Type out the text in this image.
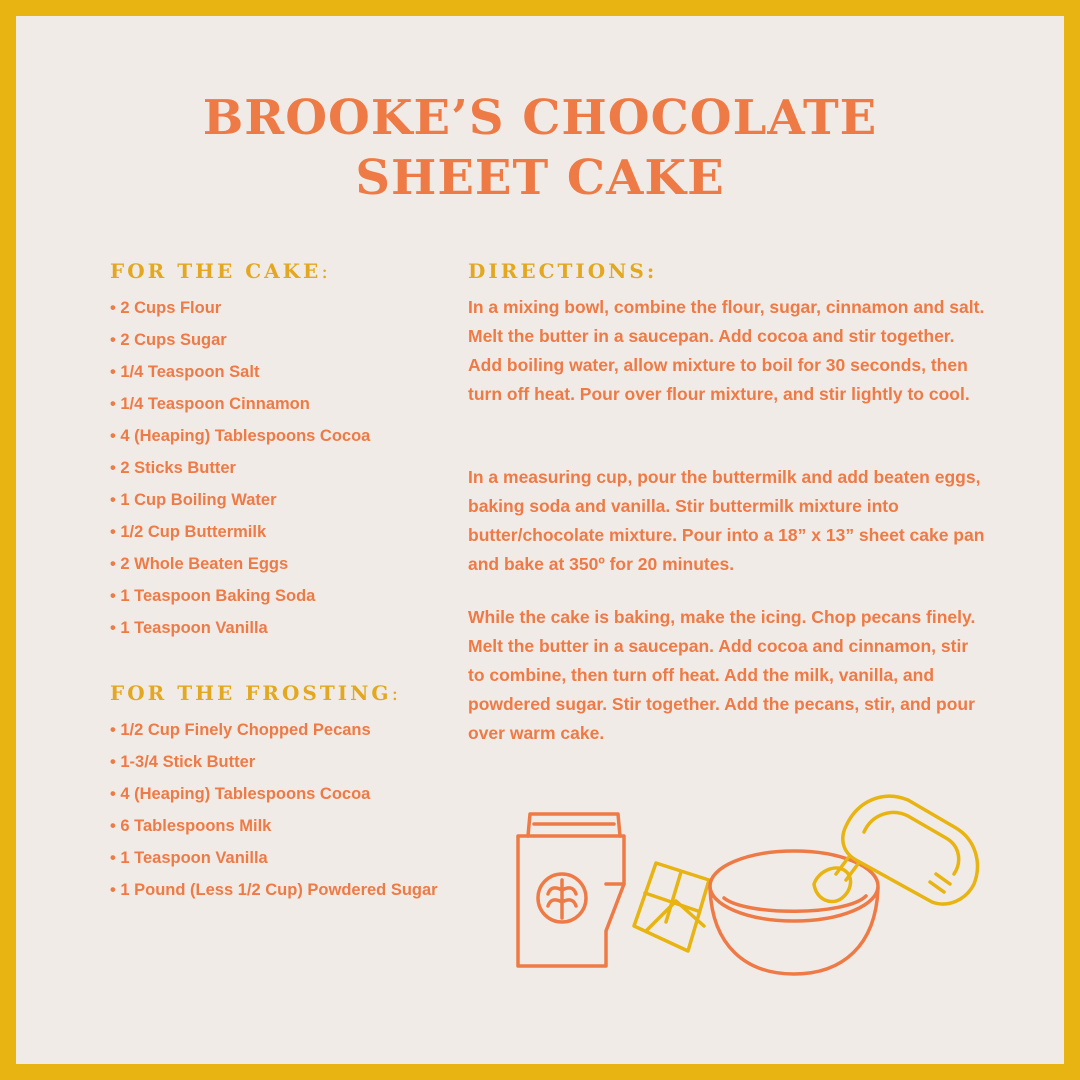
BROOKE’S CHOCOLATE
SHEET CAKE
FOR THE CAKE:
• 2 Cups Flour
• 2 Cups Sugar
• 1/4 Teaspoon Salt
• 1/4 Teaspoon Cinnamon
• 4 (Heaping) Tablespoons Cocoa
• 2 Sticks Butter
• 1 Cup Boiling Water
• 1/2 Cup Buttermilk
• 2 Whole Beaten Eggs
• 1 Teaspoon Baking Soda
• 1 Teaspoon Vanilla
FOR THE FROSTING:
• 1/2 Cup Finely Chopped Pecans
• 1-3/4 Stick Butter
• 4 (Heaping) Tablespoons Cocoa
• 6 Tablespoons Milk
• 1 Teaspoon Vanilla
• 1 Pound (Less 1/2 Cup) Powdered Sugar
DIRECTIONS:

In a mixing bowl, combine the flour, sugar, cinnamon and salt. Melt the butter in a saucepan. Add cocoa and stir together. Add boiling water, allow mixture to boil for 30 seconds, then turn off heat. Pour over flour mixture, and stir lightly to cool.

In a measuring cup, pour the buttermilk and add beaten eggs, baking soda and vanilla. Stir buttermilk mixture into butter/chocolate mixture. Pour into a 18” x 13” sheet cake pan and bake at 350º for 20 minutes.

While the cake is baking, make the icing. Chop pecans finely. Melt the butter in a saucepan. Add cocoa and cinnamon, stir to combine, then turn off heat. Add the milk, vanilla, and powdered sugar. Stir together. Add the pecans, stir, and pour over warm cake.
